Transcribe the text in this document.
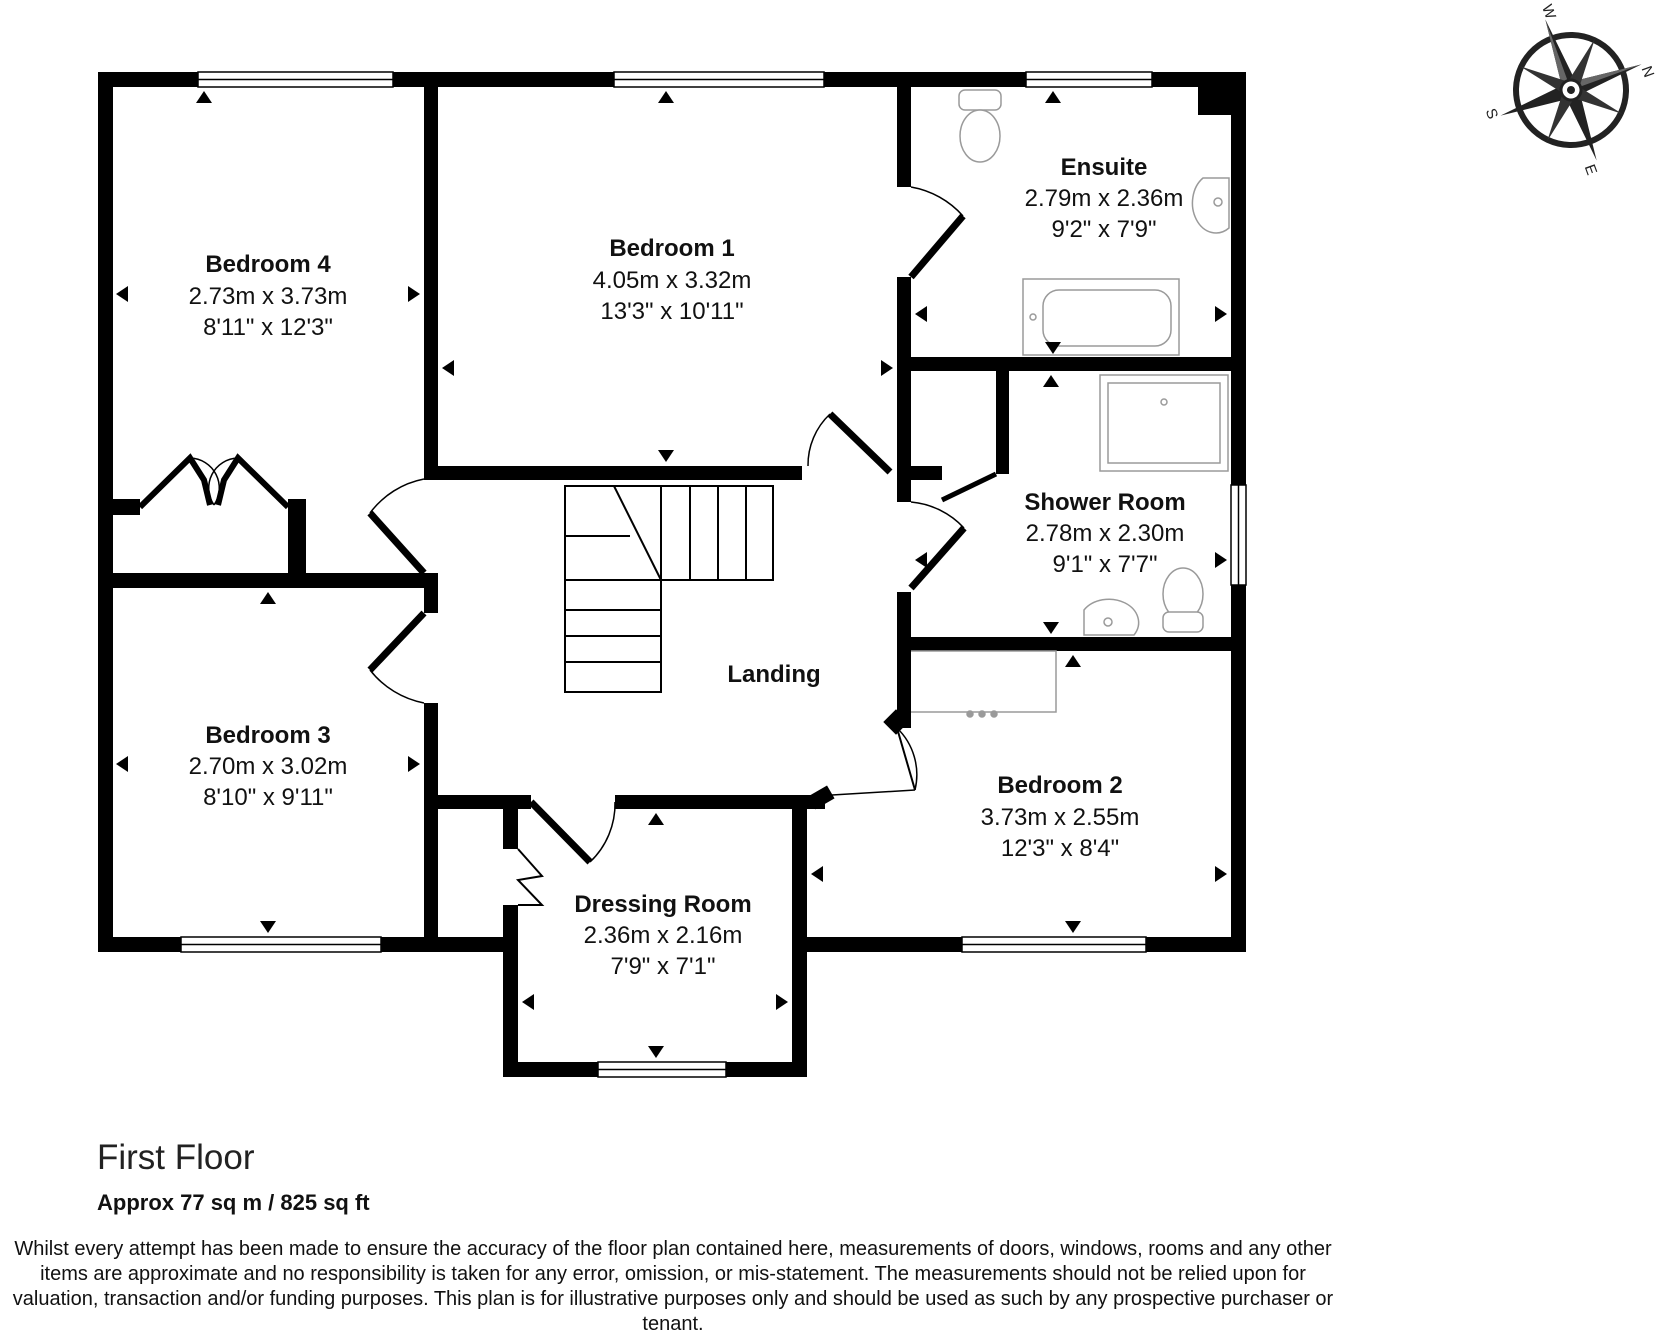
Bedroom 4
2.73m x 3.73m
8'11" x 12'3"
Bedroom 1
4.05m x 3.32m
13'3" x 10'11"
Ensuite
2.79m x 2.36m
9'2" x 7'9"
Shower Room
2.78m x 2.30m
9'1" x 7'7"
Landing
Bedroom 3
2.70m x 3.02m
8'10" x 9'11"	Bedroom 2
3.73m x 2.55m
12'3" x 8'4"
Dressing Room
2.36m x 2.16m
7'9" x 7'1"
N
S
E
W
First Floor
Approx 77 sq m / 825 sq ft
Whilst every attempt has been made to ensure the accuracy of the floor plan contained here, measurements of doors, windows, rooms and any other items are approximate and no responsibility is taken for any error, omission, or mis-statement. The measurements should not be relied upon for valuation, transaction and/or funding purposes. This plan is for illustrative purposes only and should be used as such by any prospective purchaser or tenant.
